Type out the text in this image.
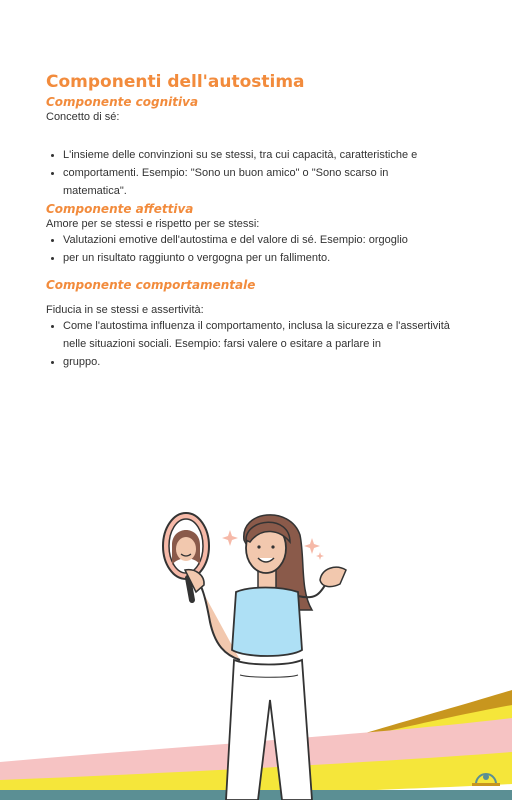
Componenti dell'autostima
Componente cognitiva

Concetto di sé:

• L'insieme delle convinzioni su se stessi, tra cui capacità, caratteristiche e
• comportamenti. Esempio: "Sono un buon amico" o "Sono scarso in matematica".
Componente affettiva

Amore per se stessi e rispetto per se stessi:

• Valutazioni emotive dell'autostima e del valore di sé. Esempio: orgoglio
• per un risultato raggiunto o vergogna per un fallimento.
Componente comportamentale

Fiducia in se stessi e assertività:

• Come l'autostima influenza il comportamento, inclusa la sicurezza e l'assertività nelle situazioni sociali. Esempio: farsi valere o esitare a parlare in
• gruppo.
